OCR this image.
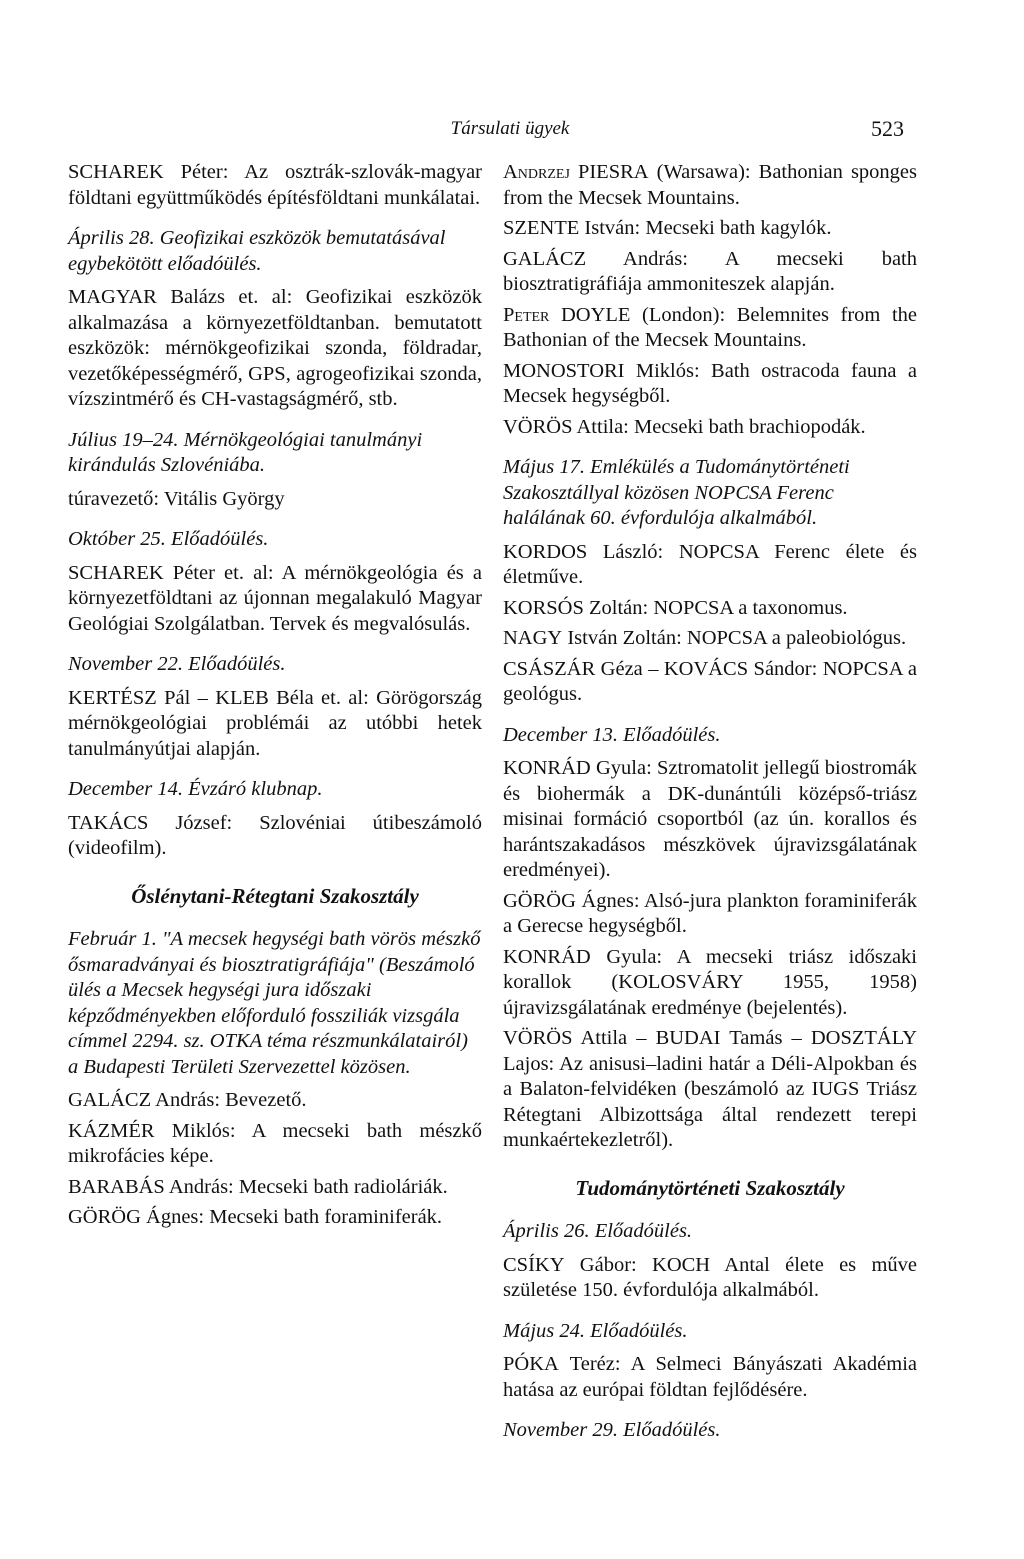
Társulati ügyek	523
SCHAREK Péter: Az osztrák-szlovák-magyar földtani együttműködés építésföldtani munkálatai.
Április 28. Geofizikai eszközök bemutatásával egybekötött előadóülés.
MAGYAR Balázs et. al: Geofizikai eszközök alkalmazása a környezetföldtanban. bemutatott eszközök: mérnökgeofizikai szonda, földradar, vezetőképességmérő, GPS, agrogeofizikai szonda, vízszintmérő és CH-vastagságmérő, stb.
Július 19–24. Mérnökgeológiai tanulmányi kirándulás Szlovéniába.
túravezető: Vitális György
Október 25. Előadóülés.
SCHAREK Péter et. al: A mérnökgeológia és a környezetföldtani az újonnan megalakuló Magyar Geológiai Szolgálatban. Tervek és megvalósulás.
November 22. Előadóülés.
KERTÉSZ Pál – KLEB Béla et. al: Görögország mérnökgeológiai problémái az utóbbi hetek tanulmányútjai alapján.
December 14. Évzáró klubnap.
TAKÁCS József: Szlovéniai útibeszámoló (videofilm).
Őslénytani-Rétegtani Szakosztály
Február 1. "A mecsek hegységi bath vörös mészkő ősmaradványai és biosztratigráfiája" (Beszámoló ülés a Mecsek hegységi jura időszaki képződményekben előforduló fossziliák vizsgála címmel 2294. sz. OTKA téma részmunkálatairól) a Budapesti Területi Szervezettel közösen.
GALÁCZ András: Bevezető.
KÁZMÉR Miklós: A mecseki bath mészkő mikrofácies képe.
BARABÁS András: Mecseki bath radioláriák.
GÖRÖG Ágnes: Mecseki bath foraminiferák.
Andrzej PIESRA (Warsawa): Bathonian sponges from the Mecsek Mountains.
SZENTE István: Mecseki bath kagylók.
GALÁCZ András: A mecseki bath biosztratigráfiája ammoniteszek alapján.
Peter DOYLE (London): Belemnites from the Bathonian of the Mecsek Mountains.
MONOSTORI Miklós: Bath ostracoda fauna a Mecsek hegységből.
VÖRÖS Attila: Mecseki bath brachiopodák.
Május 17. Emlékülés a Tudománytörténeti Szakosztállyal közösen NOPCSA Ferenc halálának 60. évfordulója alkalmából.
KORDOS László: NOPCSA Ferenc élete és életműve.
KORSÓS Zoltán: NOPCSA a taxonomus.
NAGY István Zoltán: NOPCSA a paleobiológus.
CSÁSZÁR Géza – KOVÁCS Sándor: NOPCSA a geológus.
December 13. Előadóülés.
KONRÁD Gyula: Sztromatolit jellegű biostromák és biohermák a DK-dunántúli középső-triász misinai formáció csoportból (az ún. korallos és harántszakadásos mészkövek újravizsgálatának eredményei).
GÖRÖG Ágnes: Alsó-jura plankton foraminiferák a Gerecse hegységből.
KONRÁD Gyula: A mecseki triász időszaki korallok (KOLOSVÁRY 1955, 1958) újravizsgálatának eredménye (bejelentés).
VÖRÖS Attila – BUDAI Tamás – DOSZTÁLY Lajos: Az anisusi–ladini határ a Déli-Alpokban és a Balaton-felvidéken (beszámoló az IUGS Triász Rétegtani Albizottsága által rendezett terepi munkaértekezletről).
Tudománytörténeti Szakosztály
Április 26. Előadóülés.
CSÍKY Gábor: KOCH Antal élete es műve születése 150. évfordulója alkalmából.
Május 24. Előadóülés.
PÓKA Teréz: A Selmeci Bányászati Akadémia hatása az európai földtan fejlődésére.
November 29. Előadóülés.
